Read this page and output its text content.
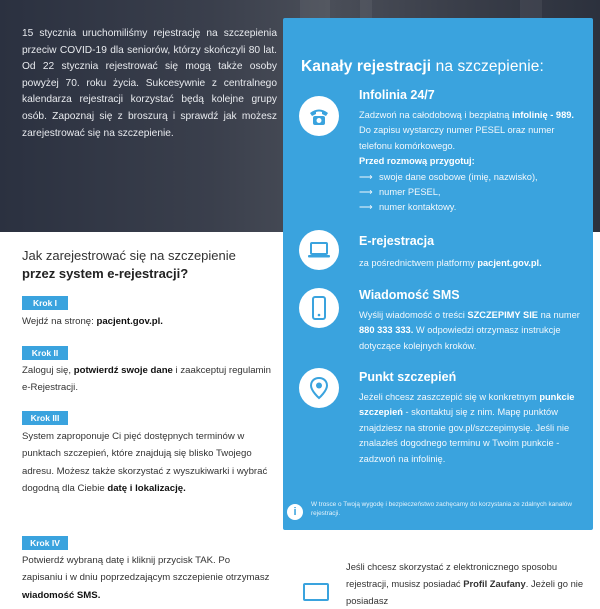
15 stycznia uruchomiliśmy rejestrację na szczepienia przeciw COVID-19 dla seniorów, którzy skończyli 80 lat. Od 22 stycznia rejestrować się mogą także osoby powyżej 70. roku życia. Sukcesywnie z centralnego kalendarza rejestracji korzystać będą kolejne grupy osób. Zapoznaj się z broszurą i sprawdź jak możesz zarejestrować się na szczepienie.

Kanały rejestracji na szczepienie:
Infolinia 24/7
Zadzwoń na całodobową i bezpłatną infolinię - 989. Do zapisu wystarczy numer PESEL oraz numer telefonu komórkowego.
Przed rozmową przygotuj:
⟶ swoje dane osobowe (imię, nazwisko),
⟶ numer PESEL,
⟶ numer kontaktowy.
E-rejestracja
za pośrednictwem platformy pacjent.gov.pl.
Wiadomość SMS
Wyślij wiadomość o treści SZCZEPIMY SIE na numer 880 333 333. W odpowiedzi otrzymasz instrukcje dotyczące kolejnych kroków.
Punkt szczepień
Jeżeli chcesz zaszczepić się w konkretnym punkcie szczepień - skontaktuj się z nim. Mapę punktów znajdziesz na stronie gov.pl/szczepimysię. Jeśli nie znalazłeś dogodnego terminu w Twoim punkcie - zadzwoń na infolinię.
i
W trosce o Twoją wygodę i bezpieczeństwo zachęcamy do korzystania ze zdalnych kanałów rejestracji.
Jak zarejestrować się na szczepienie
przez system e-rejestracji?
Krok I
Wejdź na stronę: pacjent.gov.pl.
Krok II
Zaloguj się, potwierdź swoje dane i zaakceptuj regulamin e-Rejestracji.
Krok III
System zaproponuje Ci pięć dostępnych terminów w punktach szczepień, które znajdują się blisko Twojego adresu. Możesz także skorzystać z wyszukiwarki i wybrać dogodną dla Ciebie datę i lokalizację.
Krok IV
Potwierdź wybraną datę i kliknij przycisk TAK. Po zapisaniu i w dniu poprzedzającym szczepienie otrzymasz wiadomość SMS.
Jeśli chcesz skorzystać z elektronicznego sposobu rejestracji, musisz posiadać Profil Zaufany. Jeżeli go nie posiadasz
